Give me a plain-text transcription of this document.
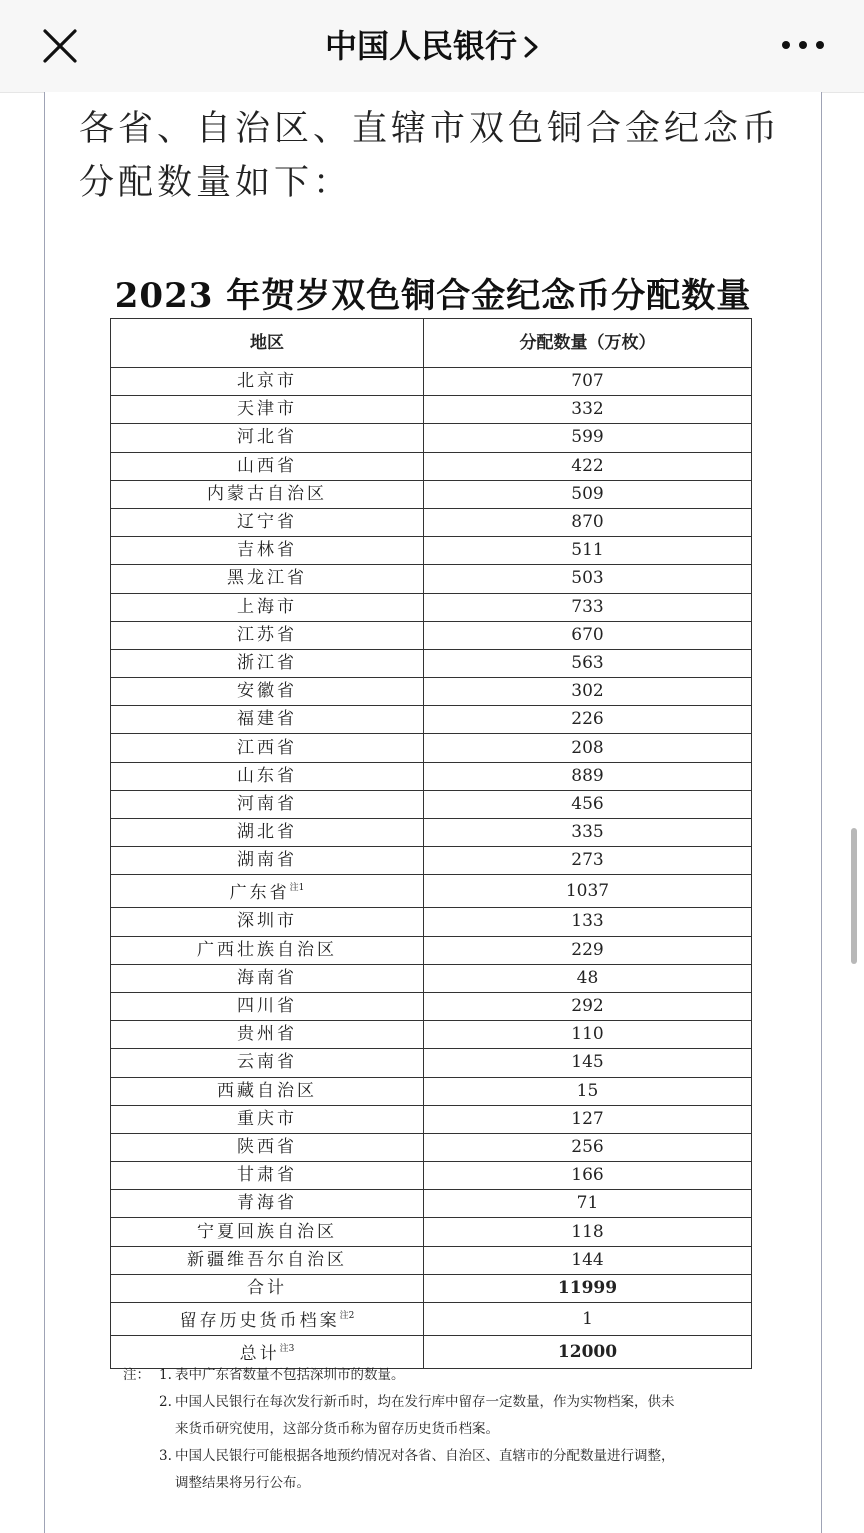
中国人民银行
各省、自治区、直辖市双色铜合金纪念币分配数量如下：
2023 年贺岁双色铜合金纪念币分配数量
地区	分配数量（万枚）
北京市	707
天津市	332
河北省	599
山西省	422
内蒙古自治区	509
辽宁省	870
吉林省	511
黑龙江省	503
上海市	733
江苏省	670
浙江省	563
安徽省	302
福建省	226
江西省	208
山东省	889
河南省	456
湖北省	335
湖南省	273
广东省$^{注1}$	1037
深圳市	133
广西壮族自治区	229
海南省	48
四川省	292
贵州省	110
云南省	145
西藏自治区	15
重庆市	127
陕西省	256
甘肃省	166
青海省	71
宁夏回族自治区	118
新疆维吾尔自治区	144
合计	11999
留存历史货币档案$^{注2}$	1
总计$^{注3}$	12000
注： 1. 表中广东省数量不包括深圳市的数量。
2. 中国人民银行在每次发行新币时，均在发行库中留存一定数量，作为实物档案，供未
来货币研究使用，这部分货币称为留存历史货币档案。
3. 中国人民银行可能根据各地预约情况对各省、自治区、直辖市的分配数量进行调整，
调整结果将另行公布。
